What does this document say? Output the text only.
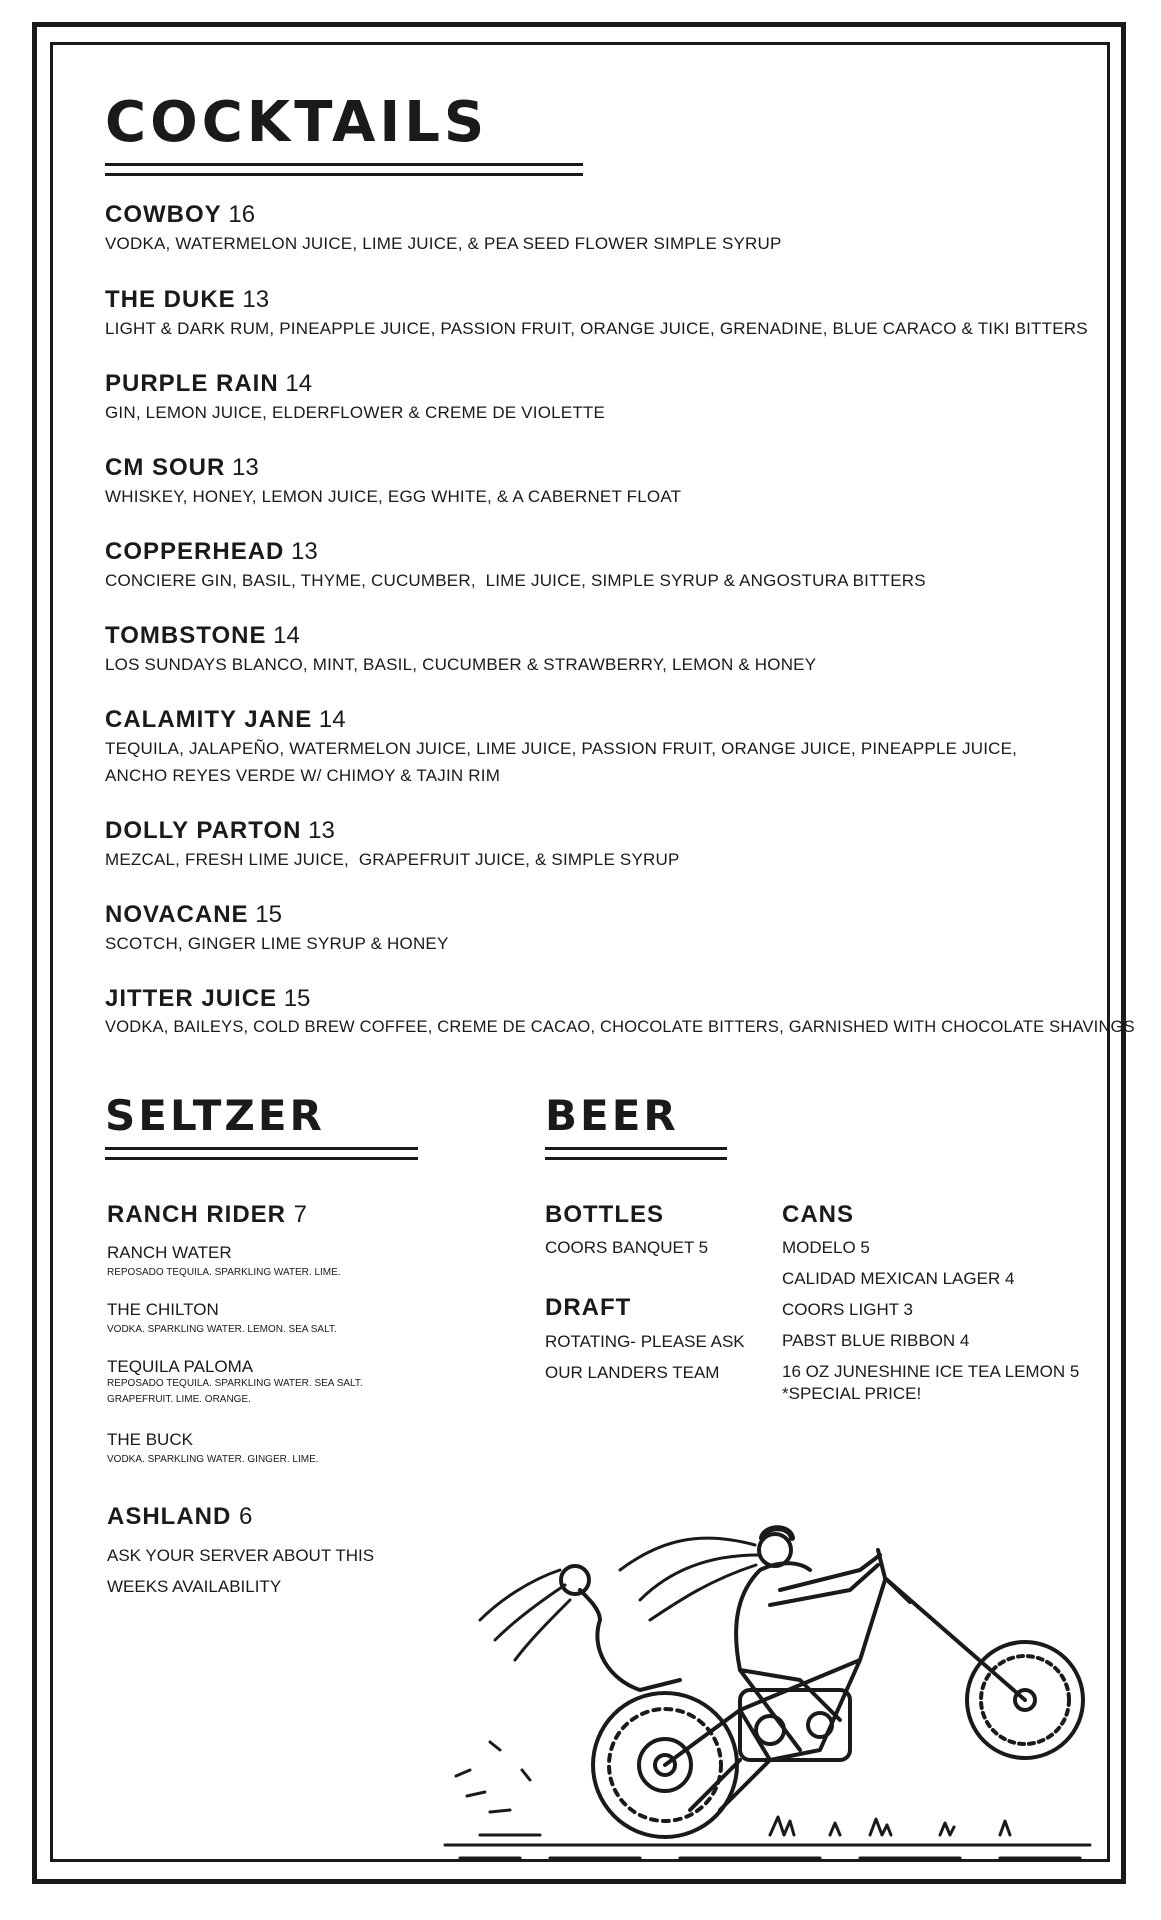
COCKTAILS
COWBOY 16
VODKA, WATERMELON JUICE, LIME JUICE, & PEA SEED FLOWER SIMPLE SYRUP
THE DUKE 13
LIGHT & DARK RUM, PINEAPPLE JUICE, PASSION FRUIT, ORANGE JUICE, GRENADINE, BLUE CARACO & TIKI BITTERS
PURPLE RAIN 14
GIN, LEMON JUICE, ELDERFLOWER & CREME DE VIOLETTE
CM SOUR 13
WHISKEY, HONEY, LEMON JUICE, EGG WHITE, & A CABERNET FLOAT
COPPERHEAD 13
CONCIERE GIN, BASIL, THYME, CUCUMBER,  LIME JUICE, SIMPLE SYRUP & ANGOSTURA BITTERS
TOMBSTONE 14
LOS SUNDAYS BLANCO, MINT, BASIL, CUCUMBER & STRAWBERRY, LEMON & HONEY
CALAMITY JANE 14
TEQUILA, JALAPEÑO, WATERMELON JUICE, LIME JUICE, PASSION FRUIT, ORANGE JUICE, PINEAPPLE JUICE,
ANCHO REYES VERDE W/ CHIMOY & TAJIN RIM
DOLLY PARTON 13
MEZCAL, FRESH LIME JUICE,  GRAPEFRUIT JUICE, & SIMPLE SYRUP
NOVACANE 15
SCOTCH, GINGER LIME SYRUP & HONEY
JITTER JUICE 15
VODKA, BAILEYS, COLD BREW COFFEE, CREME DE CACAO, CHOCOLATE BITTERS, GARNISHED WITH CHOCOLATE SHAVINGS
SELTZER	BEER
RANCH RIDER 7
RANCH WATER
REPOSADO TEQUILA. SPARKLING WATER. LIME.
THE CHILTON
VODKA. SPARKLING WATER. LEMON. SEA SALT.
TEQUILA PALOMA
REPOSADO TEQUILA. SPARKLING WATER. SEA SALT.
GRAPEFRUIT. LIME. ORANGE.
THE BUCK
VODKA. SPARKLING WATER. GINGER. LIME.
ASHLAND 6
ASK YOUR SERVER ABOUT THIS
WEEKS AVAILABILITY
BOTTLES
COORS BANQUET 5
DRAFT
ROTATING- PLEASE ASK
OUR LANDERS TEAM
CANS
MODELO 5
CALIDAD MEXICAN LAGER 4
COORS LIGHT 3
PABST BLUE RIBBON 4
16 OZ JUNESHINE ICE TEA LEMON 5
*SPECIAL PRICE!
